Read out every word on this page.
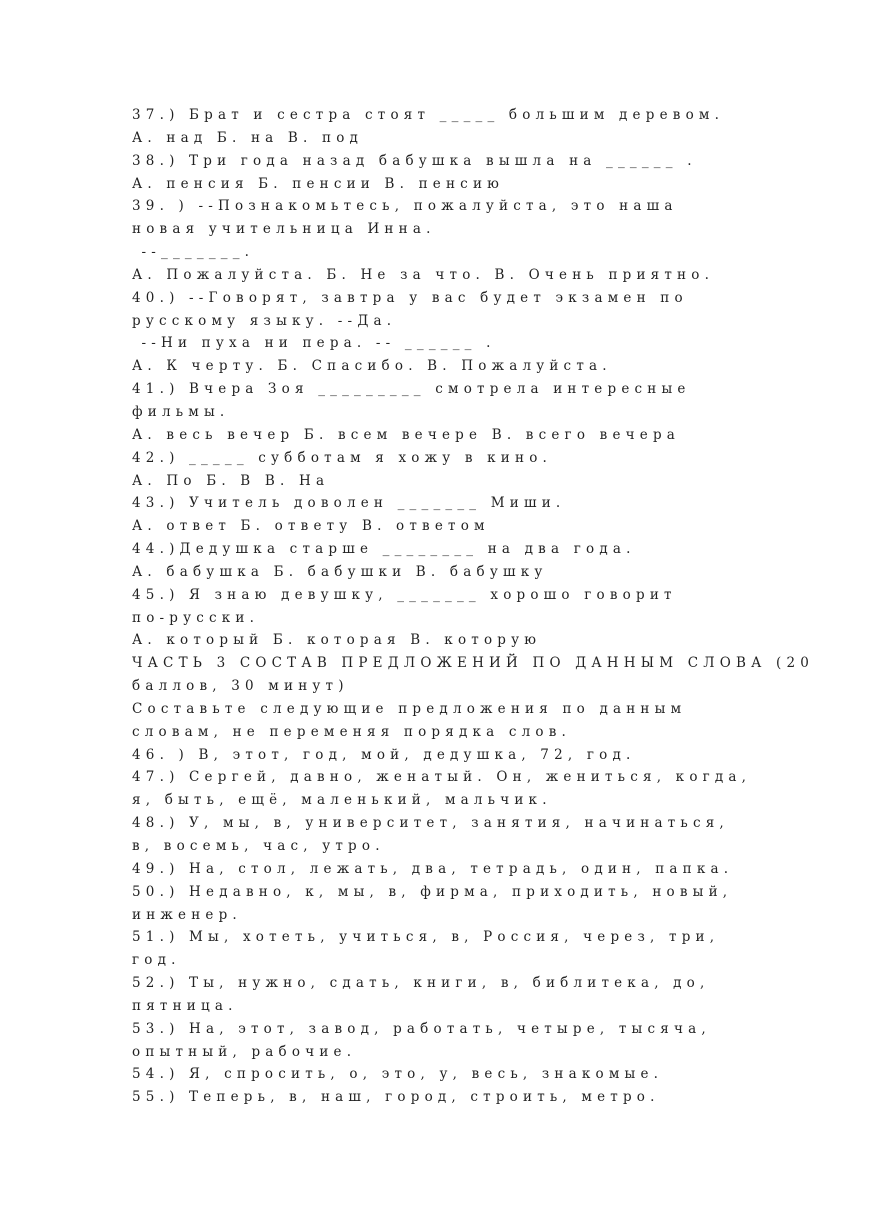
37.) Брат и сестра стоят _____ большим деревом.
А. над Б. на В. под
38.) Три года назад бабушка вышла на ______ .
А. пенсия Б. пенсии В. пенсию
39. ) --Познакомьтесь, пожалуйста, это наша
новая учительница Инна.
--_______.
А. Пожалуйста. Б. Не за что. В. Очень приятно.
40.) --Говорят, завтра у вас будет экзамен по
русскому языку. --Да.
--Ни пуха ни пера. -- ______ .
А. К черту. Б. Спасибо. В. Пожалуйста.
41.) Вчера Зоя _________ смотрела интересные
фильмы.
А. весь вечер Б. всем вечере В. всего вечера
42.) _____ субботам я хожу в кино.
А. По Б. В В. На
43.) Учитель доволен _______ Миши.
А. ответ Б. ответу В. ответом
44.)Дедушка старше ________ на два года.
А. бабушка Б. бабушки В. бабушку
45.) Я знаю девушку, _______ хорошо говорит
по-русски.
А. который Б. которая В. которую
ЧАСТЬ 3 СОСТАВ ПРЕДЛОЖЕНИЙ ПО ДАННЫМ СЛОВА (20
баллов, 30 минут)
Составьте следующие предложения по данным
словам, не переменяя порядка слов.
46. ) В, этот, год, мой, дедушка, 72, год.
47.) Сергей, давно, женатый. Он, жениться, когда,
я, быть, ещё, маленький, мальчик.
48.) У, мы, в, университет, занятия, начинаться,
в, восемь, час, утро.
49.) На, стол, лежать, два, тетрадь, один, папка.
50.) Недавно, к, мы, в, фирма, приходить, новый,
инженер.
51.) Мы, хотеть, учиться, в, Россия, через, три,
год.
52.) Ты, нужно, сдать, книги, в, библитека, до,
пятница.
53.) На, этот, завод, работать, четыре, тысяча,
опытный, рабочие.
54.) Я, спросить, о, это, у, весь, знакомые.
55.) Теперь, в, наш, город, строить, метро.
